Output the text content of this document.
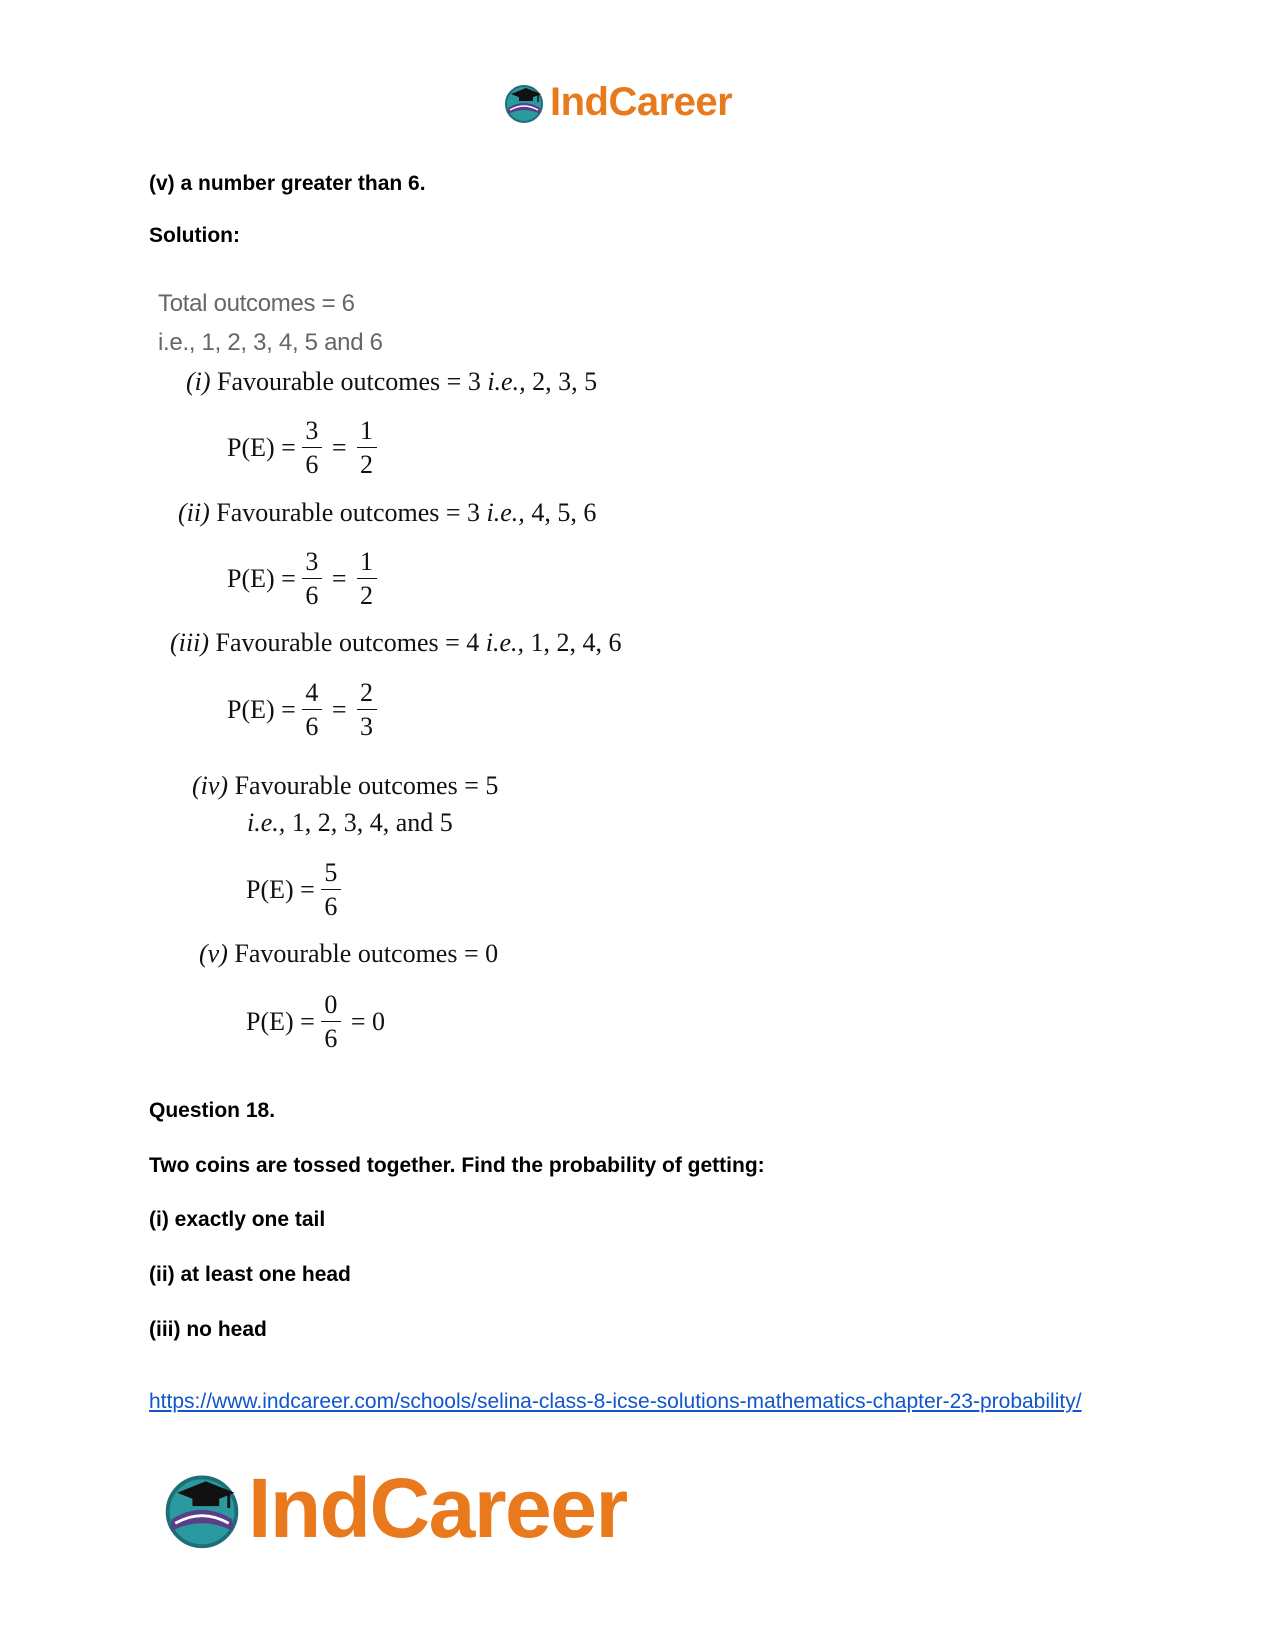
IndCareer
(v) a number greater than 6.
Solution:
Total outcomes = 6
i.e., 1, 2, 3, 4, 5 and 6
(i) Favourable outcomes = 3 i.e., 2, 3, 5
$P(E) = \frac{3}{6} = \frac{1}{2}$
(ii) Favourable outcomes = 3 i.e., 4, 5, 6
$P(E) = \frac{3}{6} = \frac{1}{2}$
(iii) Favourable outcomes = 4 i.e., 1, 2, 4, 6
$P(E) = \frac{4}{6} = \frac{2}{3}$
(iv) Favourable outcomes = 5
i.e., 1, 2, 3, 4, and 5
$P(E) = \frac{5}{6}$
(v) Favourable outcomes = 0
$P(E) = \frac{0}{6} = 0$
Question 18.
Two coins are tossed together. Find the probability of getting:
(i) exactly one tail
(ii) at least one head
(iii) no head
https://www.indcareer.com/schools/selina-class-8-icse-solutions-mathematics-chapter-23-probability/
IndCareer
